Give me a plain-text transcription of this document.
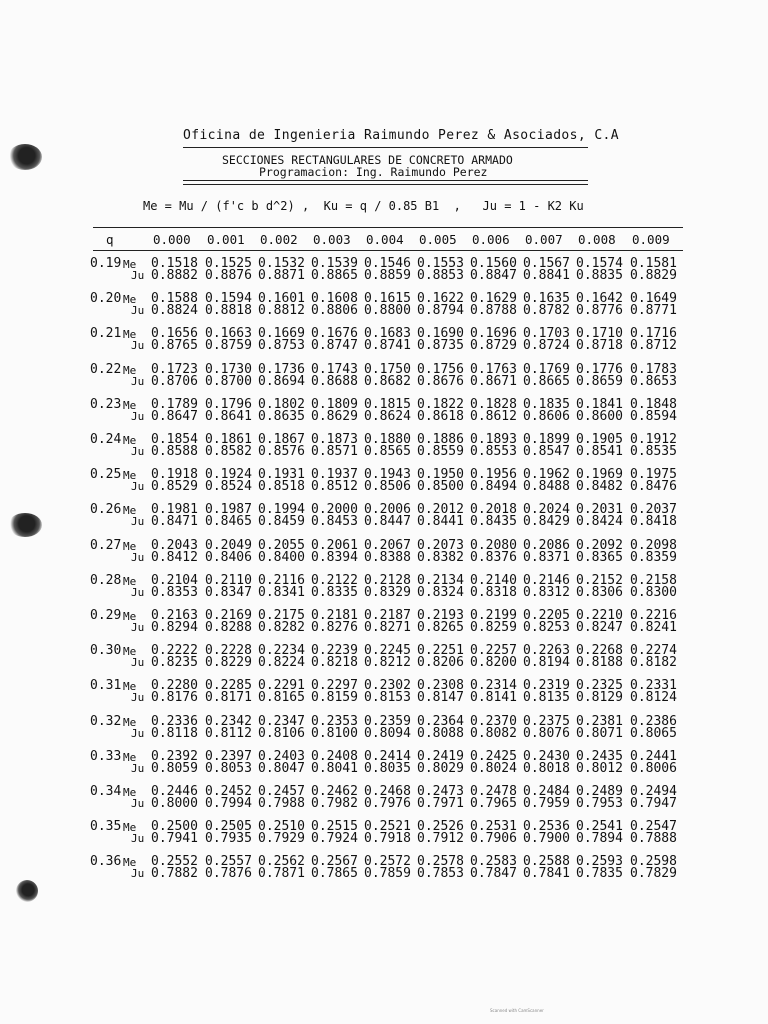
Oficina de Ingenieria Raimundo Perez & Asociados, C.A
SECCIONES RECTANGULARES DE CONCRETO ARMADO
Programacion: Ing. Raimundo Perez
Me = Mu / (f'c b d^2) ,  Ku = q / 0.85 B1  ,   Ju = 1 - K2 Ku
q	0.000 0.001 0.002 0.003 0.004 0.005 0.006 0.007 0.008 0.009
0.19 Me
Ju
0.1518 0.1525 0.1532 0.1539 0.1546 0.1553 0.1560 0.1567 0.1574 0.1581
0.8882 0.8876 0.8871 0.8865 0.8859 0.8853 0.8847 0.8841 0.8835 0.8829
0.20 Me
Ju
0.1588 0.1594 0.1601 0.1608 0.1615 0.1622 0.1629 0.1635 0.1642 0.1649
0.8824 0.8818 0.8812 0.8806 0.8800 0.8794 0.8788 0.8782 0.8776 0.8771
0.21 Me
Ju
0.1656 0.1663 0.1669 0.1676 0.1683 0.1690 0.1696 0.1703 0.1710 0.1716
0.8765 0.8759 0.8753 0.8747 0.8741 0.8735 0.8729 0.8724 0.8718 0.8712
0.22 Me
Ju
0.1723 0.1730 0.1736 0.1743 0.1750 0.1756 0.1763 0.1769 0.1776 0.1783
0.8706 0.8700 0.8694 0.8688 0.8682 0.8676 0.8671 0.8665 0.8659 0.8653
0.23 Me
Ju
0.1789 0.1796 0.1802 0.1809 0.1815 0.1822 0.1828 0.1835 0.1841 0.1848
0.8647 0.8641 0.8635 0.8629 0.8624 0.8618 0.8612 0.8606 0.8600 0.8594
0.24 Me
Ju
0.1854 0.1861 0.1867 0.1873 0.1880 0.1886 0.1893 0.1899 0.1905 0.1912
0.8588 0.8582 0.8576 0.8571 0.8565 0.8559 0.8553 0.8547 0.8541 0.8535
0.25 Me
Ju
0.1918 0.1924 0.1931 0.1937 0.1943 0.1950 0.1956 0.1962 0.1969 0.1975
0.8529 0.8524 0.8518 0.8512 0.8506 0.8500 0.8494 0.8488 0.8482 0.8476
0.26 Me
Ju
0.1981 0.1987 0.1994 0.2000 0.2006 0.2012 0.2018 0.2024 0.2031 0.2037
0.8471 0.8465 0.8459 0.8453 0.8447 0.8441 0.8435 0.8429 0.8424 0.8418
0.27 Me
Ju
0.2043 0.2049 0.2055 0.2061 0.2067 0.2073 0.2080 0.2086 0.2092 0.2098
0.8412 0.8406 0.8400 0.8394 0.8388 0.8382 0.8376 0.8371 0.8365 0.8359
0.28 Me
Ju
0.2104 0.2110 0.2116 0.2122 0.2128 0.2134 0.2140 0.2146 0.2152 0.2158
0.8353 0.8347 0.8341 0.8335 0.8329 0.8324 0.8318 0.8312 0.8306 0.8300
0.29 Me
Ju
0.2163 0.2169 0.2175 0.2181 0.2187 0.2193 0.2199 0.2205 0.2210 0.2216
0.8294 0.8288 0.8282 0.8276 0.8271 0.8265 0.8259 0.8253 0.8247 0.8241
0.30 Me
Ju
0.2222 0.2228 0.2234 0.2239 0.2245 0.2251 0.2257 0.2263 0.2268 0.2274
0.8235 0.8229 0.8224 0.8218 0.8212 0.8206 0.8200 0.8194 0.8188 0.8182
0.31 Me
Ju
0.2280 0.2285 0.2291 0.2297 0.2302 0.2308 0.2314 0.2319 0.2325 0.2331
0.8176 0.8171 0.8165 0.8159 0.8153 0.8147 0.8141 0.8135 0.8129 0.8124
0.32 Me
Ju
0.2336 0.2342 0.2347 0.2353 0.2359 0.2364 0.2370 0.2375 0.2381 0.2386
0.8118 0.8112 0.8106 0.8100 0.8094 0.8088 0.8082 0.8076 0.8071 0.8065
0.33 Me
Ju
0.2392 0.2397 0.2403 0.2408 0.2414 0.2419 0.2425 0.2430 0.2435 0.2441
0.8059 0.8053 0.8047 0.8041 0.8035 0.8029 0.8024 0.8018 0.8012 0.8006
0.34 Me
Ju
0.2446 0.2452 0.2457 0.2462 0.2468 0.2473 0.2478 0.2484 0.2489 0.2494
0.8000 0.7994 0.7988 0.7982 0.7976 0.7971 0.7965 0.7959 0.7953 0.7947
0.35 Me
Ju
0.2500 0.2505 0.2510 0.2515 0.2521 0.2526 0.2531 0.2536 0.2541 0.2547
0.7941 0.7935 0.7929 0.7924 0.7918 0.7912 0.7906 0.7900 0.7894 0.7888
0.36 Me
Ju
0.2552 0.2557 0.2562 0.2567 0.2572 0.2578 0.2583 0.2588 0.2593 0.2598
0.7882 0.7876 0.7871 0.7865 0.7859 0.7853 0.7847 0.7841 0.7835 0.7829
Scanned with CamScanner
